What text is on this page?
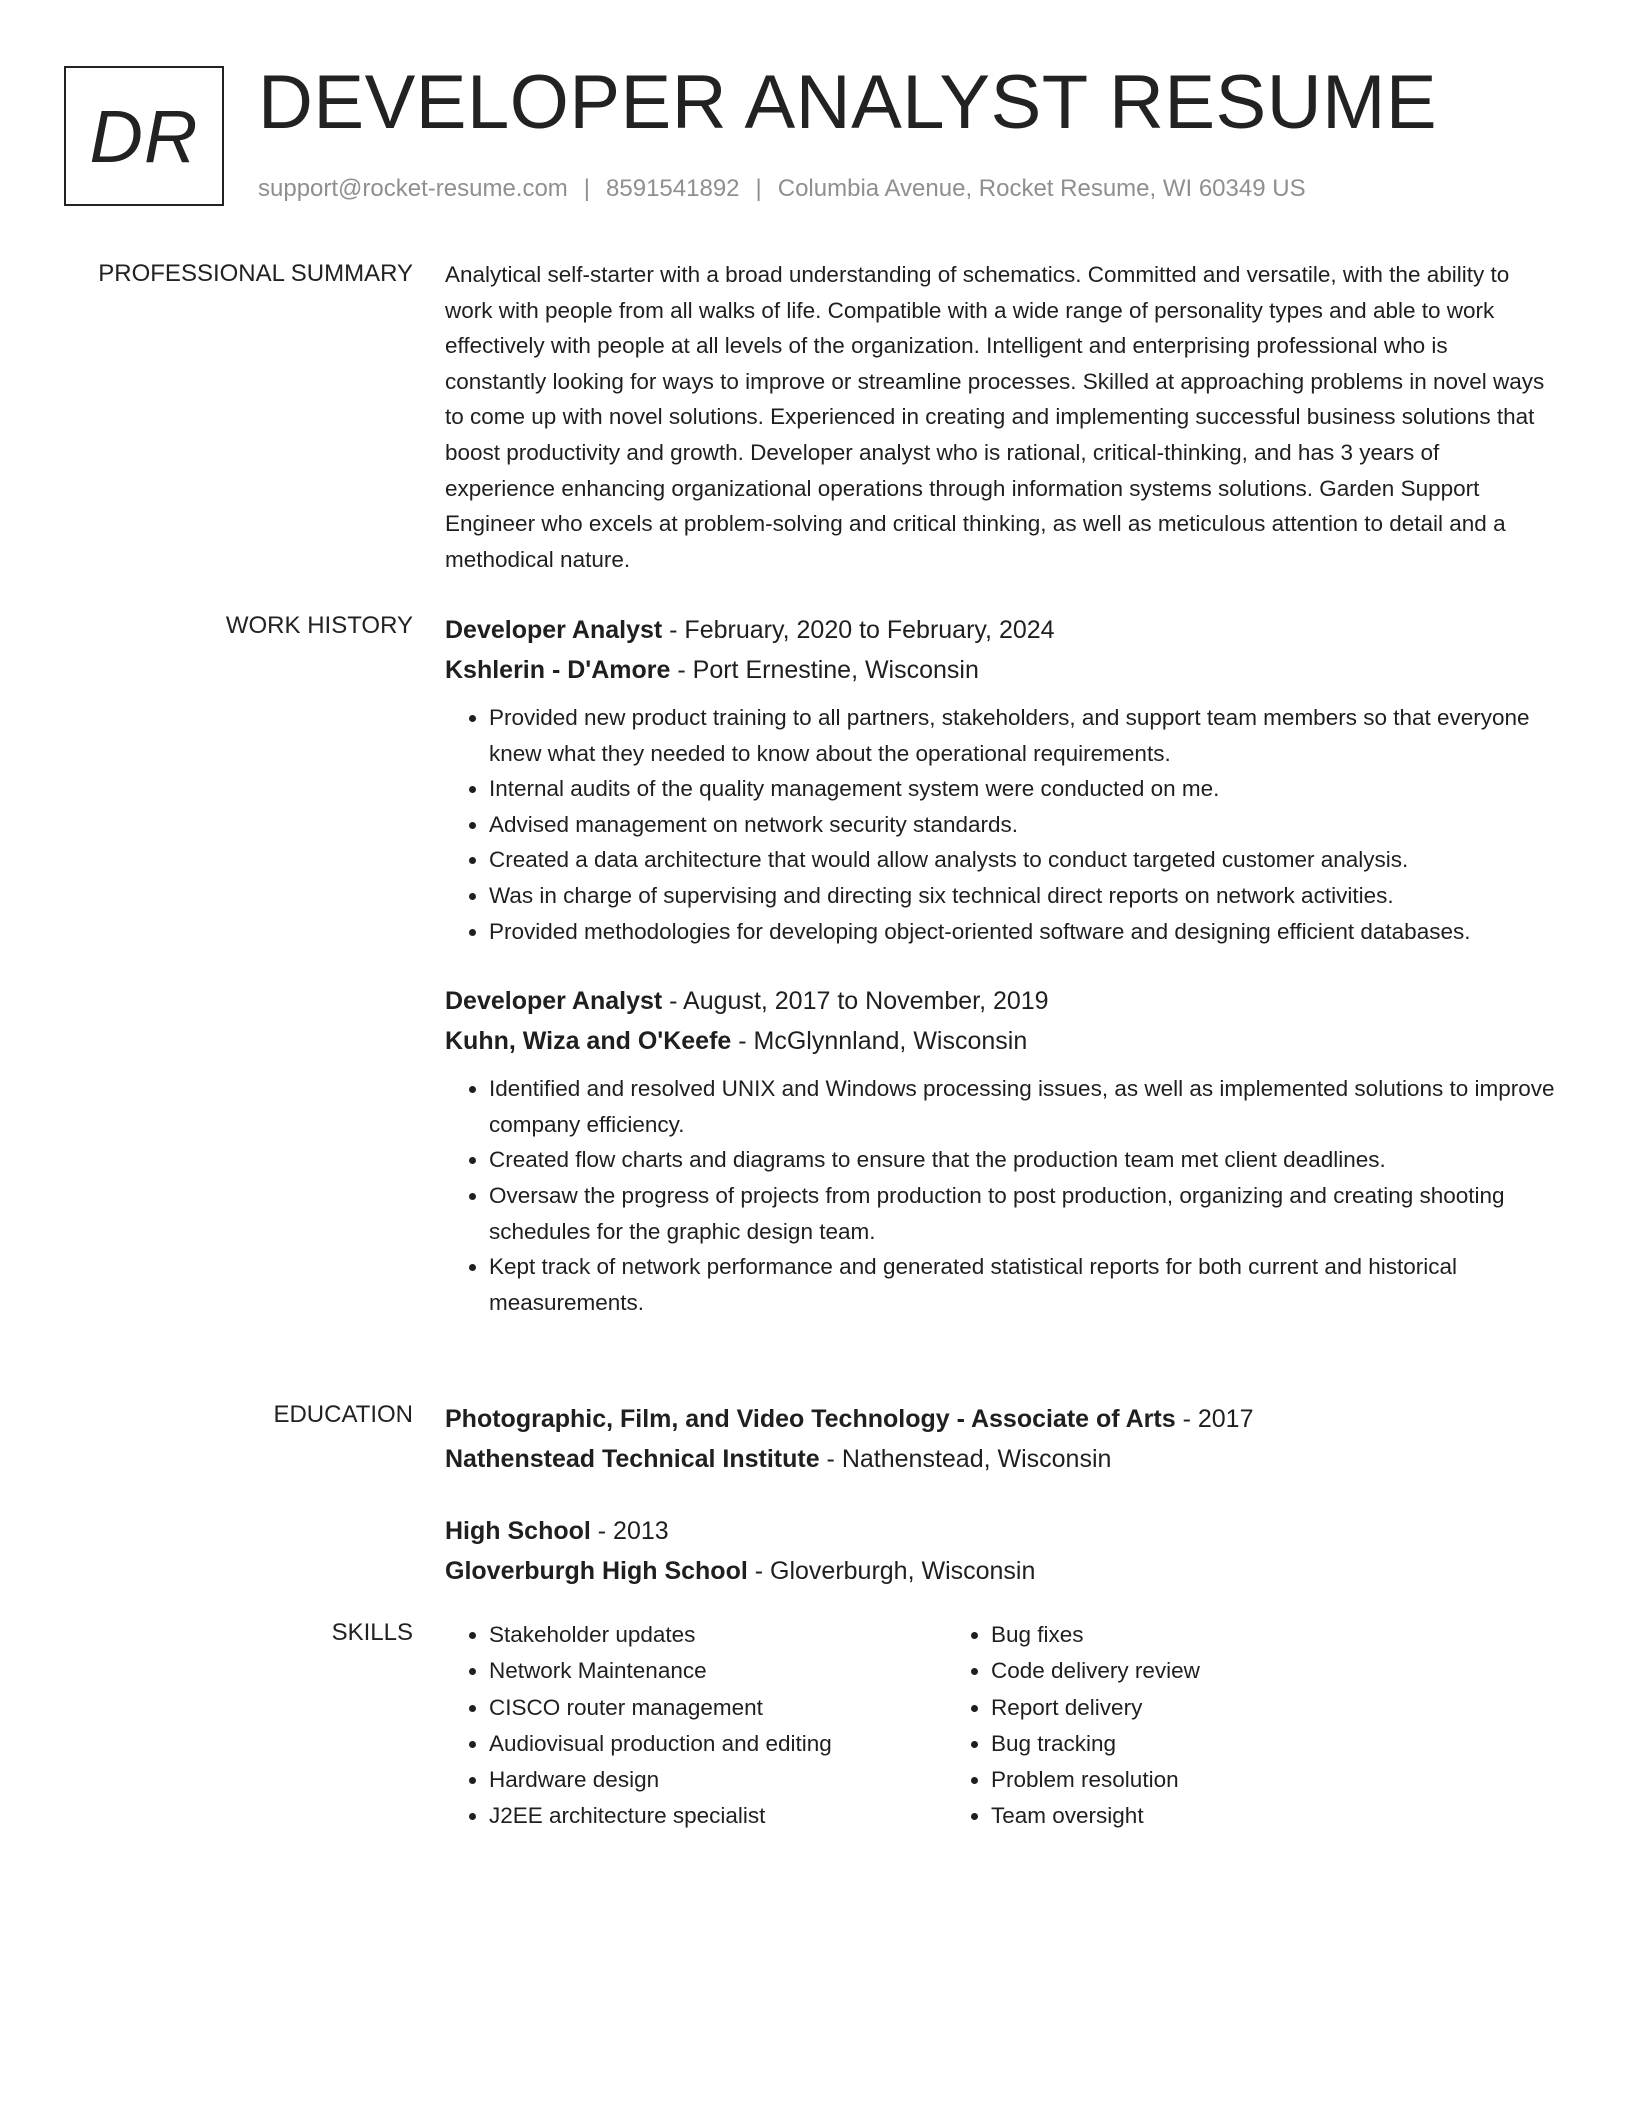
DR DEVELOPER ANALYST RESUME
support@rocket-resume.com | 8591541892 | Columbia Avenue, Rocket Resume, WI 60349 US
PROFESSIONAL SUMMARY Analytical self-starter with a broad understanding of schematics. Committed and versatile, with the ability to work with people from all walks of life. Compatible with a wide range of personality types and able to work effectively with people at all levels of the organization. Intelligent and enterprising professional who is constantly looking for ways to improve or streamline processes. Skilled at approaching problems in novel ways to come up with novel solutions. Experienced in creating and implementing successful business solutions that boost productivity and growth. Developer analyst who is rational, critical-thinking, and has 3 years of experience enhancing organizational operations through information systems solutions. Garden Support Engineer who excels at problem-solving and critical thinking, as well as meticulous attention to detail and a methodical nature.

WORK HISTORY Developer Analyst - February, 2020 to February, 2024
Kshlerin - D'Amore - Port Ernestine, Wisconsin
• Provided new product training to all partners, stakeholders, and support team members so that everyone knew what they needed to know about the operational requirements.
• Internal audits of the quality management system were conducted on me.
• Advised management on network security standards.
• Created a data architecture that would allow analysts to conduct targeted customer analysis.
• Was in charge of supervising and directing six technical direct reports on network activities.
• Provided methodologies for developing object-oriented software and designing efficient databases.
Developer Analyst - August, 2017 to November, 2019
Kuhn, Wiza and O'Keefe - McGlynnland, Wisconsin
• Identified and resolved UNIX and Windows processing issues, as well as implemented solutions to improve company efficiency.
• Created flow charts and diagrams to ensure that the production team met client deadlines.
• Oversaw the progress of projects from production to post production, organizing and creating shooting schedules for the graphic design team.
• Kept track of network performance and generated statistical reports for both current and historical measurements.
EDUCATION Photographic, Film, and Video Technology - Associate of Arts - 2017
Nathenstead Technical Institute - Nathenstead, Wisconsin
High School - 2013
Gloverburgh High School - Gloverburgh, Wisconsin
SKILLS
•	Stakeholder updates
• Network Maintenance
• CISCO router management
• Audiovisual production and editing
• Hardware design
• J2EE architecture specialist
• Bug fixes
• Code delivery review
• Report delivery
• Bug tracking
• Problem resolution
• Team oversight
